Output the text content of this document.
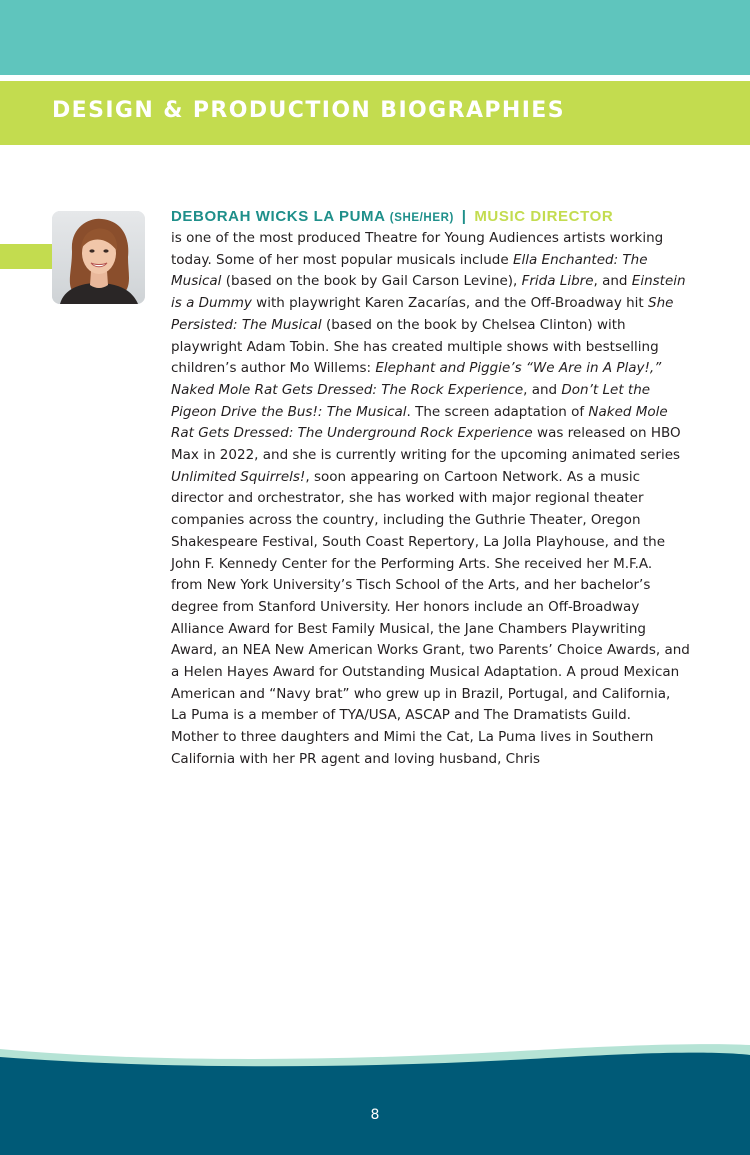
DESIGN & PRODUCTION BIOGRAPHIES
DEBORAH WICKS LA PUMA (SHE/HER) | MUSIC DIRECTOR
is one of the most produced Theatre for Young Audiences artists working
today. Some of her most popular musicals include Ella Enchanted: The
Musical (based on the book by Gail Carson Levine), Frida Libre, and Einstein
is a Dummy with playwright Karen Zacarías, and the Off-Broadway hit She
Persisted: The Musical (based on the book by Chelsea Clinton) with
playwright Adam Tobin. She has created multiple shows with bestselling
children’s author Mo Willems: Elephant and Piggie’s “We Are in A Play!,”
Naked Mole Rat Gets Dressed: The Rock Experience, and Don’t Let the
Pigeon Drive the Bus!: The Musical. The screen adaptation of Naked Mole
Rat Gets Dressed: The Underground Rock Experience was released on HBO
Max in 2022, and she is currently writing for the upcoming animated series
Unlimited Squirrels!, soon appearing on Cartoon Network. As a music
director and orchestrator, she has worked with major regional theater
companies across the country, including the Guthrie Theater, Oregon
Shakespeare Festival, South Coast Repertory, La Jolla Playhouse, and the
John F. Kennedy Center for the Performing Arts. She received her M.F.A.
from New York University’s Tisch School of the Arts, and her bachelor’s
degree from Stanford University. Her honors include an Off-Broadway
Alliance Award for Best Family Musical, the Jane Chambers Playwriting
Award, an NEA New American Works Grant, two Parents’ Choice Awards, and
a Helen Hayes Award for Outstanding Musical Adaptation. A proud Mexican
American and “Navy brat” who grew up in Brazil, Portugal, and California,
La Puma is a member of TYA/USA, ASCAP and The Dramatists Guild.
Mother to three daughters and Mimi the Cat, La Puma lives in Southern
California with her PR agent and loving husband, Chris
8
